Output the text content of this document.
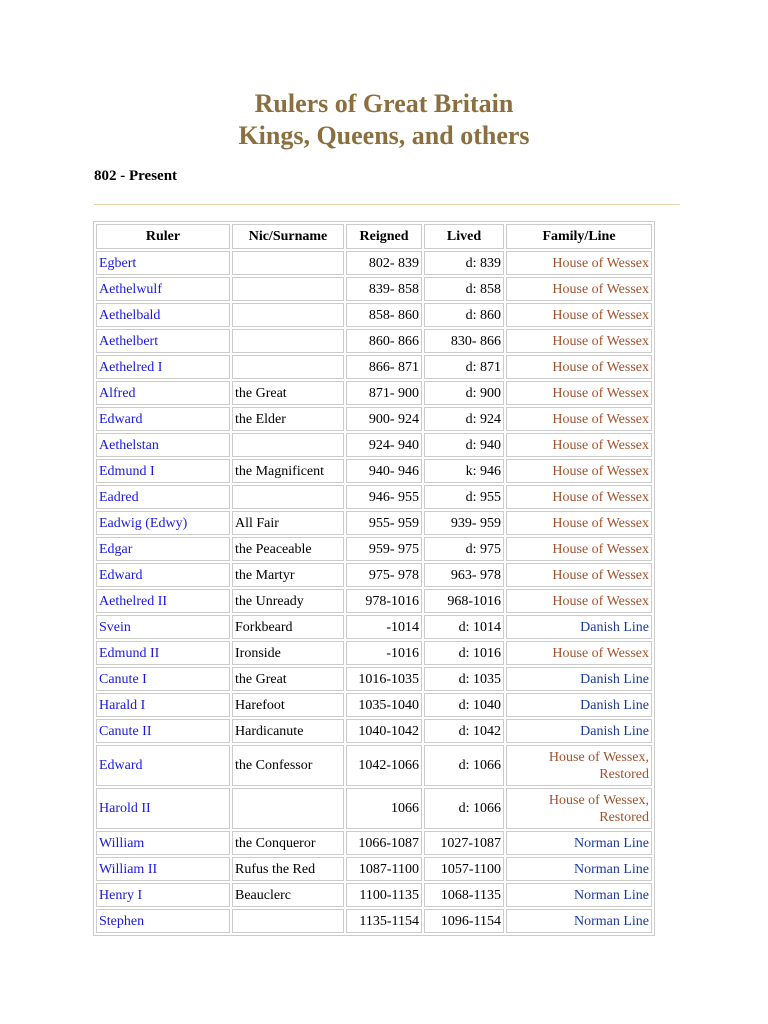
Rulers of Great Britain
Kings, Queens, and others
802 - Present
Ruler	Nic/Surname	Reigned	Lived	Family/Line
Egbert		802- 839	d: 839	House of Wessex

Aethelwulf		839- 858	d: 858	House of Wessex

Aethelbald		858- 860	d: 860	House of Wessex

Aethelbert		860- 866	830- 866	House of Wessex

Aethelred I		866- 871	d: 871	House of Wessex

Alfred	the Great	871- 900	d: 900	House of Wessex

Edward	the Elder	900- 924	d: 924	House of Wessex

Aethelstan		924- 940	d: 940	House of Wessex

Edmund I	the Magnificent	940- 946	k: 946	House of Wessex

Eadred		946- 955	d: 955	House of Wessex

Eadwig (Edwy)	All Fair	955- 959	939- 959	House of Wessex

Edgar	the Peaceable	959- 975	d: 975	House of Wessex

Edward	the Martyr	975- 978	963- 978	House of Wessex

Aethelred II	the Unready	978-1016	968-1016	House of Wessex

Svein	Forkbeard	-1014	d: 1014	Danish Line

Edmund II	Ironside	-1016	d: 1016	House of Wessex

Canute I	the Great	1016-1035	d: 1035	Danish Line

Harald I	Harefoot	1035-1040	d: 1040	Danish Line

Canute II	Hardicanute	1040-1042	d: 1042	Danish Line

Edward	the Confessor	1042-1066	d: 1066	House of Wessex,
Restored

Harold II		1066	d: 1066	House of Wessex,
Restored

William	the Conqueror	1066-1087	1027-1087	Norman Line

William II	Rufus the Red	1087-1100	1057-1100	Norman Line

Henry I	Beauclerc	1100-1135	1068-1135	Norman Line

Stephen		1135-1154	1096-1154	Norman Line
